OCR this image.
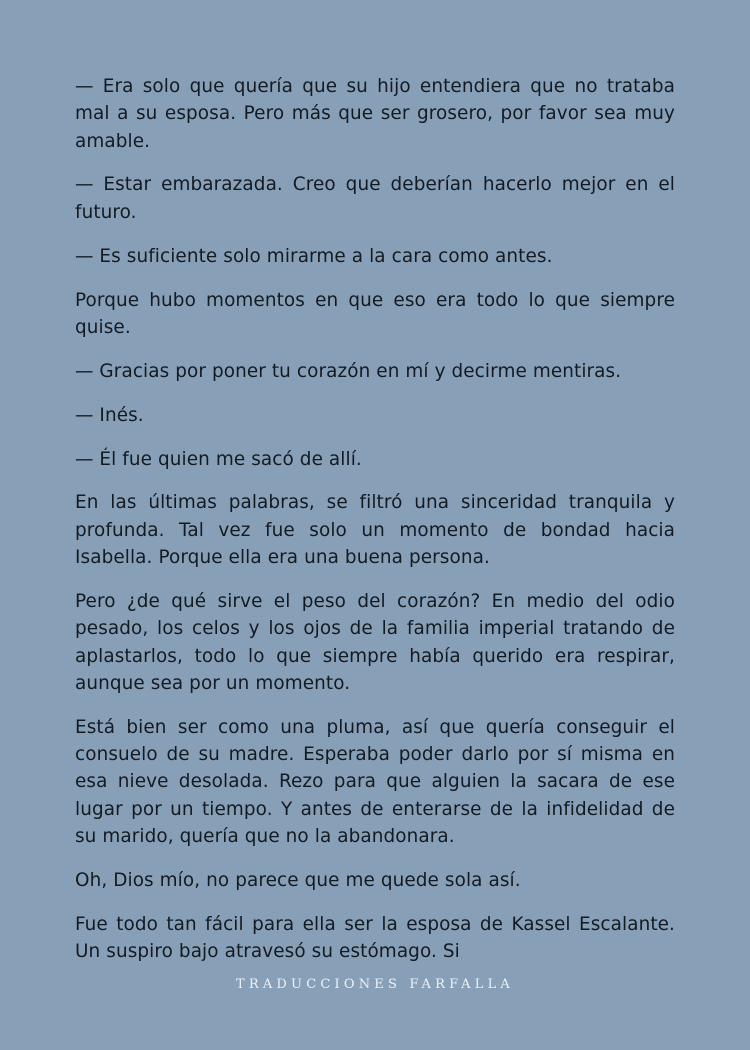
— Era solo que quería que su hijo entendiera que no trataba mal a su esposa. Pero más que ser grosero, por favor sea muy amable.

— Estar embarazada. Creo que deberían hacerlo mejor en el futuro.

— Es suficiente solo mirarme a la cara como antes.

Porque hubo momentos en que eso era todo lo que siempre quise.

— Gracias por poner tu corazón en mí y decirme mentiras.

— Inés.

— Él fue quien me sacó de allí.

En las últimas palabras, se filtró una sinceridad tranquila y profunda. Tal vez fue solo un momento de bondad hacia Isabella. Porque ella era una buena persona.

Pero ¿de qué sirve el peso del corazón? En medio del odio pesado, los celos y los ojos de la familia imperial tratando de aplastarlos, todo lo que siempre había querido era respirar, aunque sea por un momento.

Está bien ser como una pluma, así que quería conseguir el consuelo de su madre. Esperaba poder darlo por sí misma en esa nieve desolada. Rezo para que alguien la sacara de ese lugar por un tiempo. Y antes de enterarse de la infidelidad de su marido, quería que no la abandonara.

Oh, Dios mío, no parece que me quede sola así.

Fue todo tan fácil para ella ser la esposa de Kassel Escalante. Un suspiro bajo atravesó su estómago. Si

TRADUCCIONES FARFALLA
